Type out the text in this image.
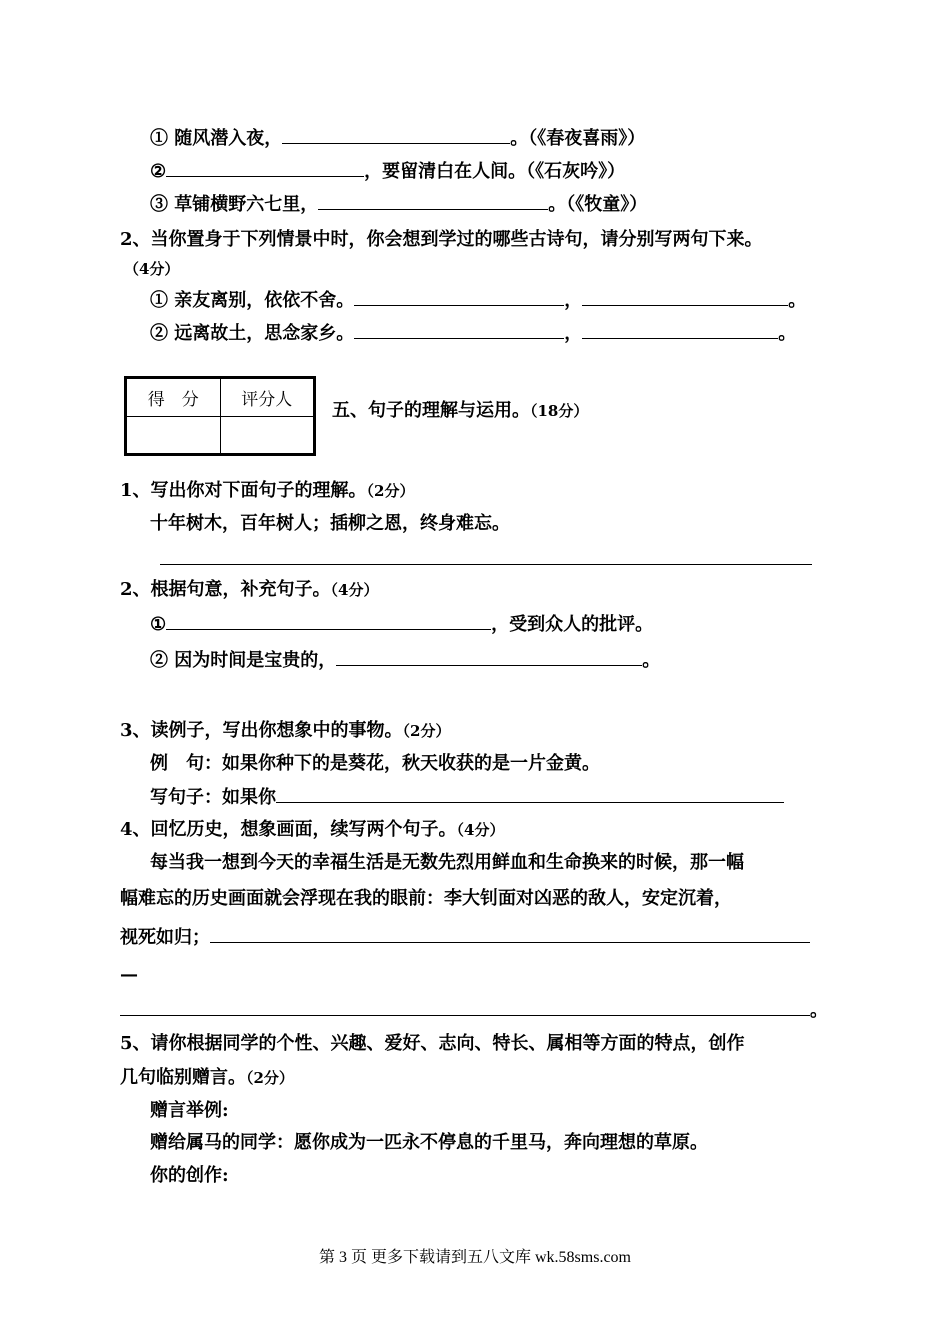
① 随风潜入夜，	。（《春夜喜雨》）
②	，要留清白在人间。（《石灰吟》）
③ 草铺横野六七里，	。（《牧童》）
2、当你置身于下列情景中时，你会想到学过的哪些古诗句，请分别写两句下来。
（4分）
① 亲友离别，依依不舍。	，	。
② 远离故土，思念家乡。	，	。
得　分	评分人
	五、句子的理解与运用。（18分）
1、写出你对下面句子的理解。（2分）
十年树木，百年树人；插柳之恩，终身难忘。
2、根据句意，补充句子。（4分）
①	，受到众人的批评。
② 因为时间是宝贵的，	。
3、读例子，写出你想象中的事物。（2分）
例　句：如果你种下的是葵花，秋天收获的是一片金黄。
写句子：如果你
4、回忆历史，想象画面，续写两个句子。（4分）
每当我一想到今天的幸福生活是无数先烈用鲜血和生命换来的时候，那一幅
幅难忘的历史画面就会浮现在我的眼前：李大钊面对凶恶的敌人，安定沉着，
视死如归；
—
。
5、请你根据同学的个性、兴趣、爱好、志向、特长、属相等方面的特点，创作
几句临别赠言。（2分）
赠言举例:
赠给属马的同学：愿你成为一匹永不停息的千里马，奔向理想的草原。
你的创作:
第 3 页 更多下载请到五八文库 wk.58sms.com
